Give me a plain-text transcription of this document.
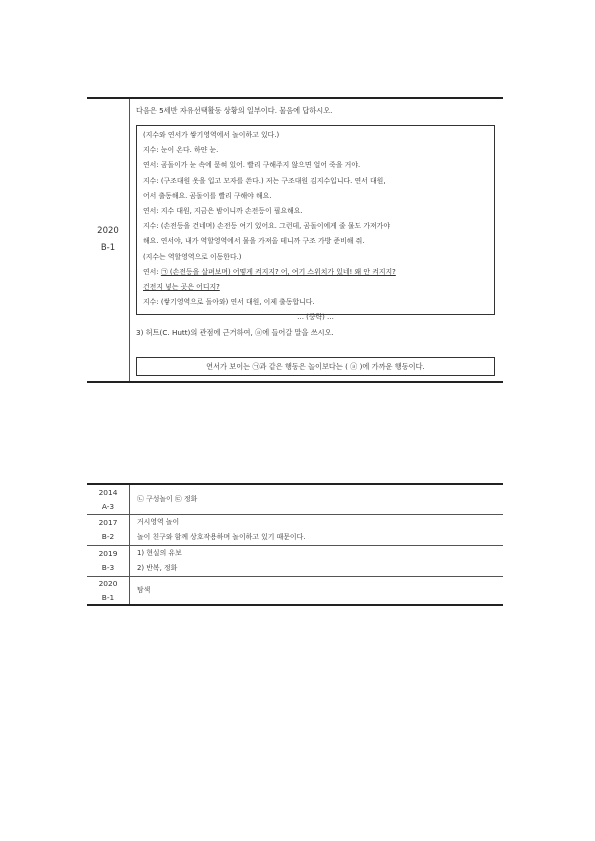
2020
B-1
다음은 5세반 자유선택활동 상황의 일부이다. 물음에 답하시오.
(지수와 연서가 쌓기영역에서 놀이하고 있다.)
지수: 눈이 온다. 하얀 눈.
연서: 곰돌이가 눈 속에 묻혀 있어. 빨리 구해주지 않으면 얼어 죽을 거야.
지수: (구조대원 옷을 입고 모자를 쓴다.) 저는 구조대원 김지수입니다. 연서 대원,
어서 출동해요. 곰돌이를 빨리 구해야 해요.
연서: 지수 대원, 지금은 밤이니까 손전등이 필요해요.
지수: (손전등을 건네며) 손전등 여기 있어요. 그런데, 곰돌이에게 줄 물도 가져가야
해요. 연서야, 내가 역할영역에서 물을 가져올 테니까 구조 가방 준비해 줘.
(지수는 역할영역으로 이동한다.)
연서: ㉠ (손전등을 살펴보며) 어떻게 켜지지? 어, 여기 스위치가 있네! 왜 안 켜지지?
건전지 넣는 곳은 어디지?
지수: (쌓기영역으로 돌아와) 연서 대원, 이제 출동합니다.
… (중략) …
3) 허트(C. Hutt)의 관점에 근거하여, ⓐ에 들어갈 말을 쓰시오.
연서가 보이는 ㉠과 같은 행동은 놀이보다는 ( ⓐ )에 가까운 행동이다.
2014
A-3
㉡ 구성놀이 ㉢ 정화
2017
B-2
거시영역 놀이
놀이 친구와 함께 상호작용하며 놀이하고 있기 때문이다.
2019
B-3
1) 현실의 유보
2) 반복, 정화
2020
B-1
탐색
